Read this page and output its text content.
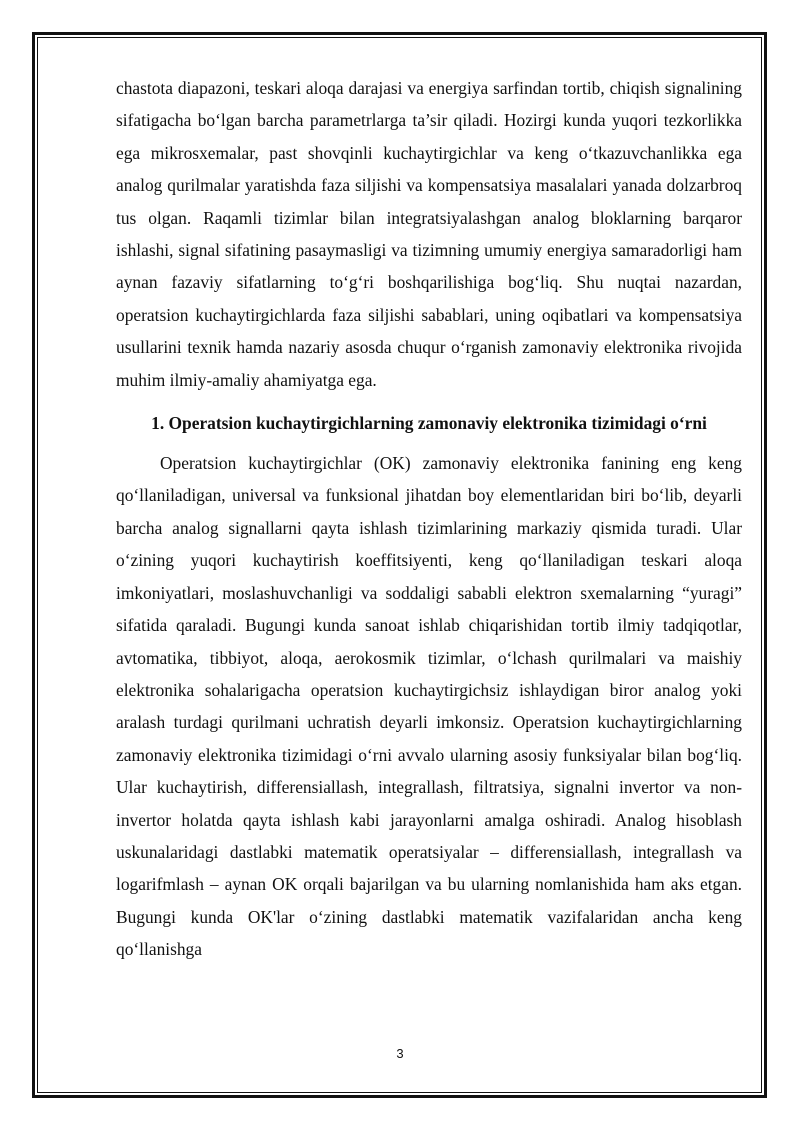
chastota diapazoni, teskari aloqa darajasi va energiya sarfindan tortib, chiqish signalining sifatigacha bo‘lgan barcha parametrlarga ta’sir qiladi. Hozirgi kunda yuqori tezkorlikka ega mikrosxemalar, past shovqinli kuchaytirgichlar va keng o‘tkazuvchanlikka ega analog qurilmalar yaratishda faza siljishi va kompensatsiya masalalari yanada dolzarbroq tus olgan. Raqamli tizimlar bilan integratsiyalashgan analog bloklarning barqaror ishlashi, signal sifatining pasaymasligi va tizimning umumiy energiya samaradorligi ham aynan fazaviy sifatlarning to‘g‘ri boshqarilishiga bog‘liq. Shu nuqtai nazardan, operatsion kuchaytirgichlarda faza siljishi sabablari, uning oqibatlari va kompensatsiya usullarini texnik hamda nazariy asosda chuqur o‘rganish zamonaviy elektronika rivojida muhim ilmiy-amaliy ahamiyatga ega.

1. Operatsion kuchaytirgichlarning zamonaviy elektronika tizimidagi o‘rni

Operatsion kuchaytirgichlar (OK) zamonaviy elektronika fanining eng keng qo‘llaniladigan, universal va funksional jihatdan boy elementlaridan biri bo‘lib, deyarli barcha analog signallarni qayta ishlash tizimlarining markaziy qismida turadi. Ular o‘zining yuqori kuchaytirish koeffitsiyenti, keng qo‘llaniladigan teskari aloqa imkoniyatlari, moslashuvchanligi va soddaligi sababli elektron sxemalarning “yuragi” sifatida qaraladi. Bugungi kunda sanoat ishlab chiqarishidan tortib ilmiy tadqiqotlar, avtomatika, tibbiyot, aloqa, aerokosmik tizimlar, o‘lchash qurilmalari va maishiy elektronika sohalarigacha operatsion kuchaytirgichsiz ishlaydigan biror analog yoki aralash turdagi qurilmani uchratish deyarli imkonsiz. Operatsion kuchaytirgichlarning zamonaviy elektronika tizimidagi o‘rni avvalo ularning asosiy funksiyalar bilan bog‘liq. Ular kuchaytirish, differensiallash, integrallash, filtratsiya, signalni invertor va non-invertor holatda qayta ishlash kabi jarayonlarni amalga oshiradi. Analog hisoblash uskunalaridagi dastlabki matematik operatsiyalar – differensiallash, integrallash va logarifmlash – aynan OK orqali bajarilgan va bu ularning nomlanishida ham aks etgan. Bugungi kunda OK'lar o‘zining dastlabki matematik vazifalaridan ancha keng qo‘llanishga

3
